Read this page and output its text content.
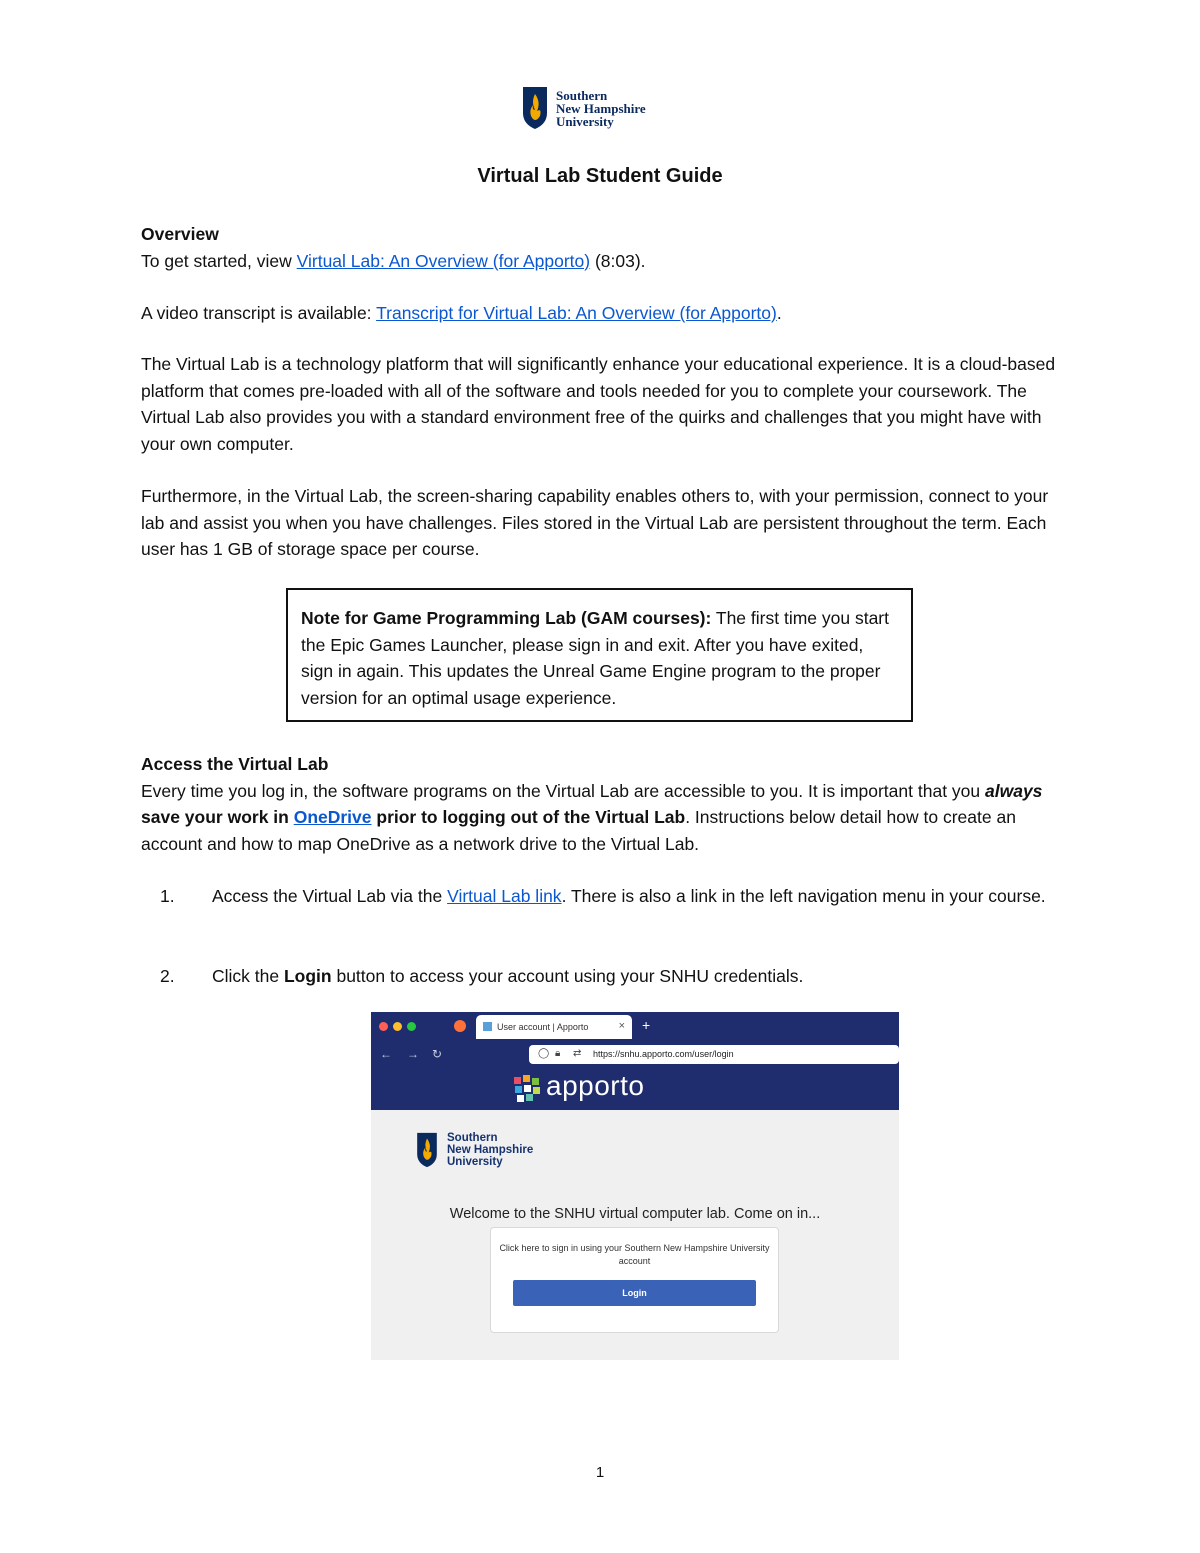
Southern
New Hampshire
University
Virtual Lab Student Guide
Overview
To get started, view Virtual Lab: An Overview (for Apporto) (8:03).
A video transcript is available: Transcript for Virtual Lab: An Overview (for Apporto).

The Virtual Lab is a technology platform that will significantly enhance your educational experience. It is a cloud-based platform that comes pre-loaded with all of the software and tools needed for you to complete your coursework. The Virtual Lab also provides you with a standard environment free of the quirks and challenges that you might have with your own computer.

Furthermore, in the Virtual Lab, the screen-sharing capability enables others to, with your permission, connect to your lab and assist you when you have challenges. Files stored in the Virtual Lab are persistent throughout the term. Each user has 1 GB of storage space per course.

Note for Game Programming Lab (GAM courses): The first time you start the Epic Games Launcher, please sign in and exit. After you have exited, sign in again. This updates the Unreal Game Engine program to the proper version for an optimal usage experience.
Access the Virtual Lab
Every time you log in, the software programs on the Virtual Lab are accessible to you. It is important that you always save your work in OneDrive prior to logging out of the Virtual Lab. Instructions below detail how to create an account and how to map OneDrive as a network drive to the Virtual Lab.
1. Access the Virtual Lab via the Virtual Lab link. There is also a link in the left navigation menu in your course.
2. Click the Login button to access your account using your SNHU credentials.
User account | Apporto	× +
← → ↻	◯ 🔒︎ ⇄ https://snhu.apporto.com/user/login
apporto
Southern
New Hampshire
University
Welcome to the SNHU virtual computer lab. Come on in...
Click here to sign in using your Southern New Hampshire University account
Login
1
